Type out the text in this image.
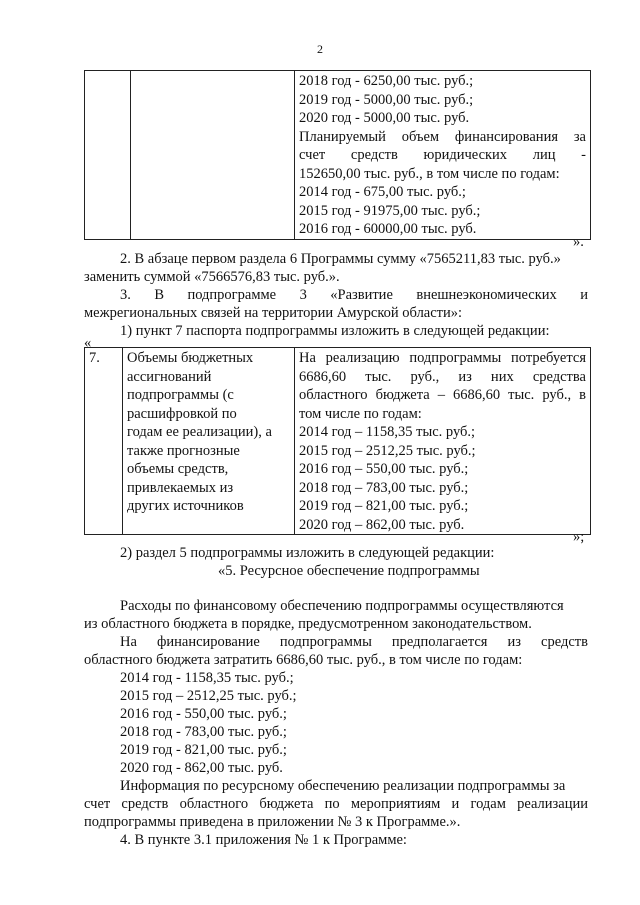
2

2018 год - 6250,00 тыс. руб.;
2019 год - 5000,00 тыс. руб.;
2020 год - 5000,00 тыс. руб.
Планируемый объем финансирования за
счет средств юридических лиц -
152650,00 тыс. руб., в том числе по годам:
2014 год - 675,00 тыс. руб.;
2015 год - 91975,00 тыс. руб.;
2016 год - 60000,00 тыс. руб.
».
2. В абзаце первом раздела 6 Программы сумму «7565211,83 тыс. руб.»
заменить суммой «7566576,83 тыс. руб.».
3. В подпрограмме 3 «Развитие внешнеэкономических и
межрегиональных связей на территории Амурской области»:
1) пункт 7 паспорта подпрограммы изложить в следующей редакции:
«
7.	Объемы бюджетных
ассигнований
подпрограммы (с
расшифровкой по
годам ее реализации), а
также прогнозные
объемы средств,
привлекаемых из
других источников

На реализацию подпрограммы потребуется
6686,60 тыс. руб., из них средства
областного бюджета – 6686,60 тыс. руб., в
том числе по годам:
2014 год – 1158,35 тыс. руб.;
2015 год – 2512,25 тыс. руб.;
2016 год – 550,00 тыс. руб.;
2018 год – 783,00 тыс. руб.;
2019 год – 821,00 тыс. руб.;
2020 год – 862,00 тыс. руб.
»;
2) раздел 5 подпрограммы изложить в следующей редакции:
«5. Ресурсное обеспечение подпрограммы
Расходы по финансовому обеспечению подпрограммы осуществляются
из областного бюджета в порядке, предусмотренном законодательством.
На финансирование подпрограммы предполагается из средств
областного бюджета затратить 6686,60 тыс. руб., в том числе по годам:
2014 год - 1158,35 тыс. руб.;
2015 год – 2512,25 тыс. руб.;
2016 год - 550,00 тыс. руб.;
2018 год - 783,00 тыс. руб.;
2019 год - 821,00 тыс. руб.;
2020 год - 862,00 тыс. руб.
Информация по ресурсному обеспечению реализации подпрограммы за
счет средств областного бюджета по мероприятиям и годам реализации
подпрограммы приведена в приложении № 3 к Программе.».
4. В пункте 3.1 приложения № 1 к Программе:
